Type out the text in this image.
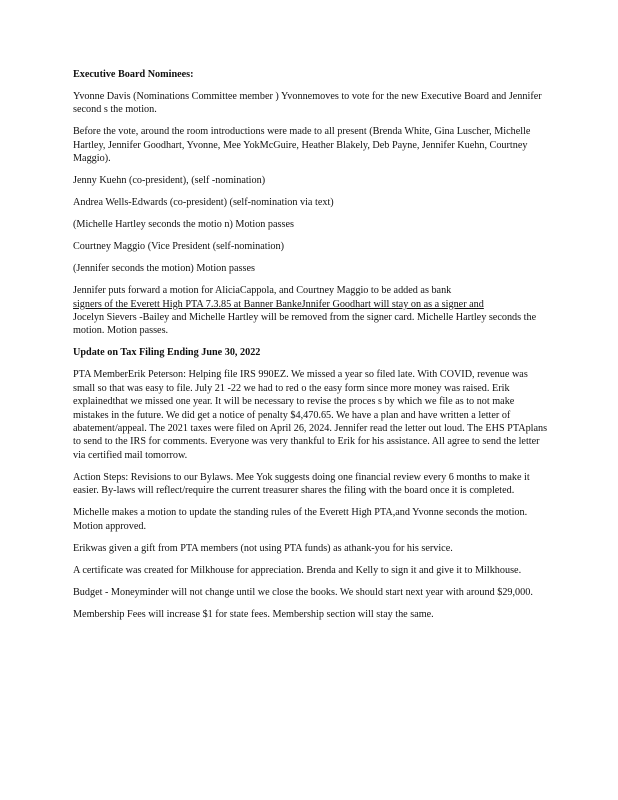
Executive Board Nominees:

Yvonne Davis (Nominations Committee member ) Yvonnemoves to vote for the new Executive Board and Jennifer second s the motion.

Before the vote, around the room introductions were made to all present (Brenda White, Gina Luscher, Michelle Hartley, Jennifer Goodhart, Yvonne, Mee YokMcGuire, Heather Blakely, Deb Payne, Jennifer Kuehn, Courtney Maggio).

Jenny Kuehn (co-president), (self -nomination)

Andrea Wells-Edwards (co-president) (self-nomination via text)

(Michelle Hartley seconds the motio n) Motion passes

Courtney Maggio (Vice President (self-nomination)

(Jennifer seconds the motion) Motion passes

Jennifer puts forward a motion for AliciaCappola, and Courtney Maggio to be added as bank
signers of the Everett High PTA 7.3.85 at Banner BankeJnnifer Goodhart will stay on as a signer and
Jocelyn Sievers -Bailey and Michelle Hartley will be removed from the signer card. Michelle Hartley seconds the motion. Motion passes.

Update on Tax Filing Ending June 30, 2022

PTA MemberErik Peterson: Helping file IRS 990EZ. We missed a year so filed late. With COVID, revenue was small so that was easy to file. July 21 -22 we had to red o the easy form since more money was raised. Erik explainedthat we missed one year. It will be necessary to revise the proces s by which we file as to not make mistakes in the future. We did get a notice of penalty $4,470.65. We have a plan and have written a letter of abatement/appeal. The 2021 taxes were filed on April 26, 2024. Jennifer read the letter out loud. The EHS PTAplans to send to the IRS for comments. Everyone was very thankful to Erik for his assistance. All agree to send the letter via certified mail tomorrow.

Action Steps: Revisions to our Bylaws. Mee Yok suggests doing one financial review every 6 months to make it easier. By-laws will reflect/require the current treasurer shares the filing with the board once it is completed.

Michelle makes a motion to update the standing rules of the Everett High PTA,and Yvonne seconds the motion. Motion approved.

Erikwas given a gift from PTA members (not using PTA funds) as athank-you for his service.

A certificate was created for Milkhouse for appreciation. Brenda and Kelly to sign it and give it to Milkhouse.

Budget - Moneyminder will not change until we close the books. We should start next year with around $29,000.

Membership Fees will increase $1 for state fees. Membership section will stay the same.
